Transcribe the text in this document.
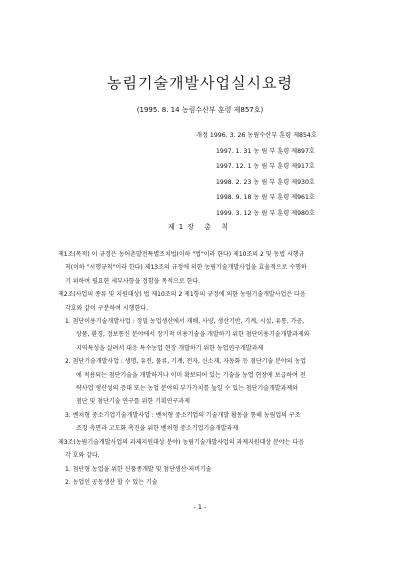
농림기술개발사업실시요령
(1995. 8. 14 농림수산부 훈령 제857호)
개정 1996. 3. 26 농림수산부 훈령 제854호
1997. 1. 31 농 림 부 훈령 제897호
1997. 12. 1 농 림 부 훈령 제917호
1998. 2. 23 농 림 부 훈령 제930호
1998. 9. 18 농 림 부 훈령 제961호
1999. 3. 12 농 림 부 훈령 제980호
제1장 총 칙
제1조(목적) 이 규정은 농어촌발전특별조치법(이하 "법"이라 한다) 제10조의 2 및 동법 시행규
칙(이하 "시행규칙"이라 한다) 제13조의 규정에 의한 농림기술개발사업을 효율적으로 수행하
기 위하여 필요한 세부사항을 정함을 목적으로 한다.
제2조(사업의 종류 및 지원대상) 법 제10조의 2 제1항의 규정에 의한 농림기술개발사업은 다음
각호와 같이 구분하여 시행한다.
1. 첨단이용기술개발사업 : 정밀 농업생산에서 재배, 사양, 생산기반, 기계, 시설, 유통, 가공,
상품, 환경, 정보통신 분야에서 장기적 이용기술을 개발하기 위한 첨단이용기술개발과제와
지역특성을 살려서 대응 특수농업 현장 개발하기 위한 농업연구개발과제
2. 첨단기술개발사업 : 생명, 유전, 물류, 기계, 전자, 신소재, 자동화 등 첨단기술 분야의 농업
에 적용되는 첨단기술을 개발하거나 이미 확보되어 있는 기술을 농업 현장에 보급하여 전
략사업 생산성의 증대 또는 농업 분야의 부가가치를 높일 수 있는 첨단기술개발과제와
첨단 및 첨단기술 연구를 위한 기획연구과제
3. 벤처형 중소기업기술개발사업 : 벤처형 중소기업의 기술개발 활동을 통해 농림업의 구조
조정 측면과 고도화 촉진을 위한 벤처형 중소기업기술개발과제
제3조(농림기술개발사업의 과제지원대상 분야) 농림기술개발사업의 과제지원대상 분야는 다음
각 호와 같다.
1. 첨단형 농업을 위한 신품종개발 및 첨단생산·저비기술
2. 농업인 공동생산 할 수 있는 기술
- 1 -
